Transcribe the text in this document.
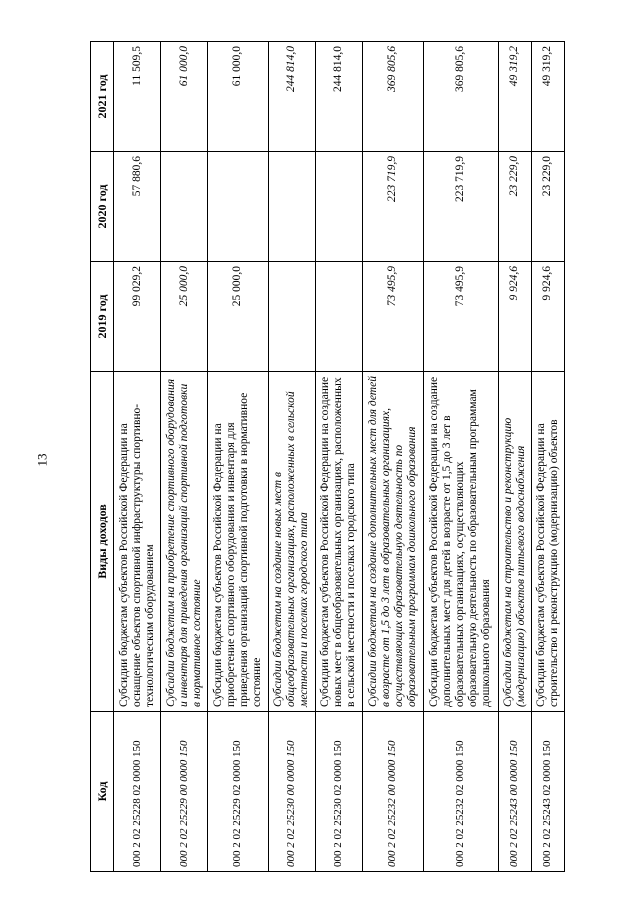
13
Код	Виды доходов	2019 год	2020 год	2021 год
000 2 02 25228 02 0000 150	Субсидии бюджетам субъектов Российской Федерации на оснащение объектов спортивной инфраструктуры спортивно-технологическим оборудованием	99 029,2	57 880,6	11 509,5
000 2 02 25229 00 0000 150	Субсидии бюджетам на приобретение спортивного оборудования и инвентаря для приведения организаций спортивной подготовки в нормативное состояние	25 000,0		61 000,0
000 2 02 25229 02 0000 150	Субсидии бюджетам субъектов Российской Федерации на приобретение спортивного оборудования и инвентаря для приведения организаций спортивной подготовки в нормативное состояние	25 000,0		61 000,0
000 2 02 25230 00 0000 150	Субсидии бюджетам на создание новых мест в общеобразовательных организациях, расположенных в сельской местности и поселках городского типа			244 814,0
000 2 02 25230 02 0000 150	Субсидии бюджетам субъектов Российской Федерации на создание новых мест в общеобразовательных организациях, расположенных в сельской местности и поселках городского типа			244 814,0
000 2 02 25232 00 0000 150	Субсидии бюджетам на создание дополнительных мест для детей в возрасте от 1,5 до 3 лет в образовательных организациях, осуществляющих образовательную деятельность по образовательным программам дошкольного образования	73 495,9	223 719,9	369 805,6
000 2 02 25232 02 0000 150	Субсидии бюджетам субъектов Российской Федерации на создание дополнительных мест для детей в возрасте от 1,5 до 3 лет в образовательных организациях, осуществляющих образовательную деятельность по образовательным программам дошкольного образования	73 495,9	223 719,9	369 805,6
000 2 02 25243 00 0000 150	Субсидии бюджетам на строительство и реконструкцию (модернизацию) объектов питьевого водоснабжения	9 924,6	23 229,0	49 319,2
000 2 02 25243 02 0000 150	Субсидии бюджетам субъектов Российской Федерации на строительство и реконструкцию (модернизацию) объектов	9 924,6	23 229,0	49 319,2
